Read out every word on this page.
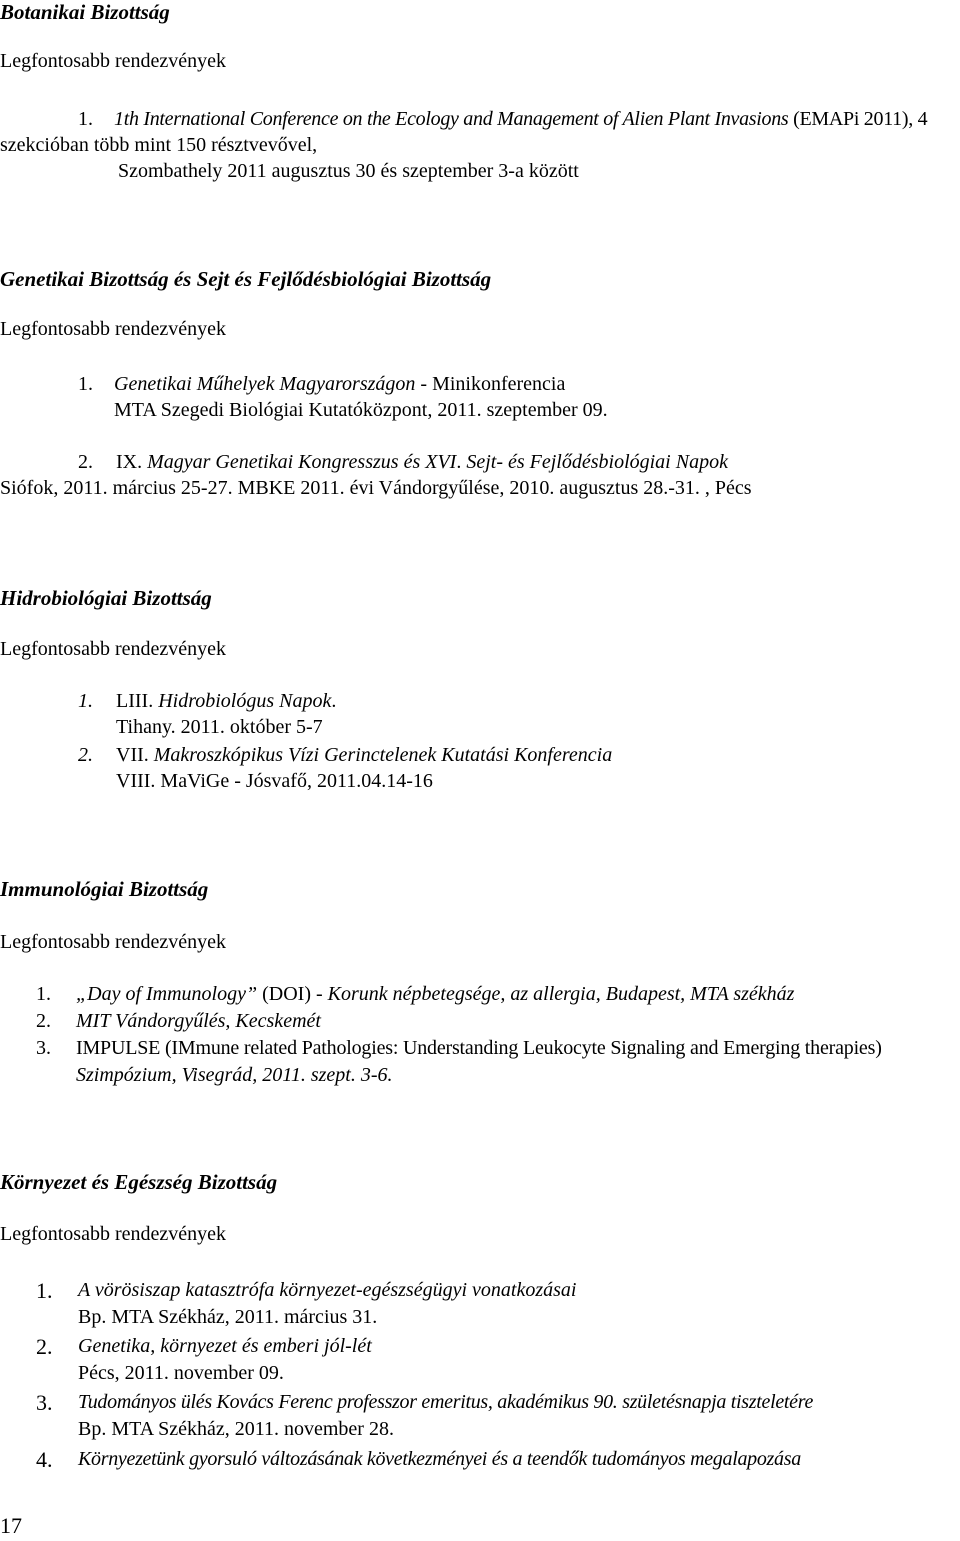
Botanikai Bizottság
Legfontosabb rendezvények
1. 1th International Conference on the Ecology and Management of Alien Plant Invasions (EMAPi 2011), 4
szekcióban több mint 150 résztvevővel,
Szombathely 2011 augusztus 30 és szeptember 3-a között
Genetikai Bizottság és Sejt és Fejlődésbiológiai Bizottság
Legfontosabb rendezvények
1. Genetikai Műhelyek Magyarországon - Minikonferencia
MTA Szegedi Biológiai Kutatóközpont, 2011. szeptember 09.
2. IX. Magyar Genetikai Kongresszus és XVI. Sejt- és Fejlődésbiológiai Napok
Siófok, 2011. március 25-27. MBKE 2011. évi Vándorgyűlése, 2010. augusztus 28.-31. , Pécs
Hidrobiológiai Bizottság
Legfontosabb rendezvények
1. LIII. Hidrobiológus Napok.
Tihany. 2011. október 5-7
2. VII. Makroszkópikus Vízi Gerinctelenek Kutatási Konferencia
VIII. MaViGe - Jósvafő, 2011.04.14-16
Immunológiai Bizottság
Legfontosabb rendezvények
1. „Day of Immunology” (DOI) - Korunk népbetegsége, az allergia, Budapest, MTA székház
2. MIT Vándorgyűlés, Kecskemét
3. IMPULSE (IMmune related Pathologies: Understanding Leukocyte Signaling and Emerging therapies)
Szimpózium, Visegrád, 2011. szept. 3-6.
Környezet és Egészség Bizottság
Legfontosabb rendezvények
1. A vörösiszap katasztrófa környezet-egészségügyi vonatkozásai
Bp. MTA Székház, 2011. március 31.
2. Genetika, környezet és emberi jól-lét
Pécs, 2011. november 09.
3. Tudományos ülés Kovács Ferenc professzor emeritus, akadémikus 90. születésnapja tiszteletére
Bp. MTA Székház, 2011. november 28.
4. Környezetünk gyorsuló változásának következményei és a teendők tudományos megalapozása
17
